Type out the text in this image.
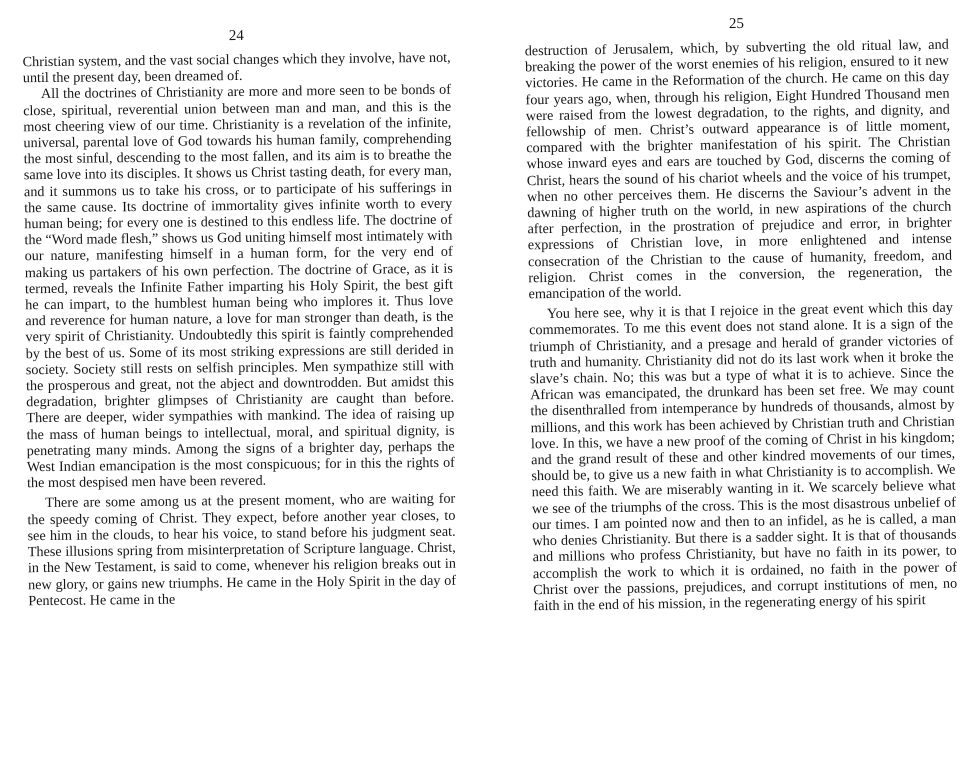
24

Christian system, and the vast social changes which they involve, have not, until the present day, been dreamed of.

All the doctrines of Christianity are more and more seen to be bonds of close, spiritual, reverential union between man and man, and this is the most cheering view of our time. Christianity is a revelation of the infinite, universal, parental love of God towards his human family, comprehending the most sinful, descending to the most fallen, and its aim is to breathe the same love into its disciples. It shows us Christ tasting death, for every man, and it summons us to take his cross, or to participate of his sufferings in the same cause. Its doctrine of immortality gives infinite worth to every human being; for every one is destined to this endless life. The doctrine of the “Word made flesh,” shows us God uniting himself most intimately with our nature, manifesting himself in a human form, for the very end of making us partakers of his own perfection. The doctrine of Grace, as it is termed, reveals the Infinite Father imparting his Holy Spirit, the best gift he can impart, to the humblest human being who implores it. Thus love and reverence for human nature, a love for man stronger than death, is the very spirit of Christianity. Undoubtedly this spirit is faintly comprehended by the best of us. Some of its most striking expressions are still derided in society. Society still rests on selfish principles. Men sympathize still with the prosperous and great, not the abject and downtrodden. But amidst this degradation, brighter glimpses of Christianity are caught than before. There are deeper, wider sympathies with mankind. The idea of raising up the mass of human beings to intellectual, moral, and spiritual dignity, is penetrating many minds. Among the signs of a brighter day, perhaps the West Indian emancipation is the most conspicuous; for in this the rights of the most despised men have been revered.

There are some among us at the present moment, who are waiting for the speedy coming of Christ. They expect, before another year closes, to see him in the clouds, to hear his voice, to stand before his judgment seat. These illusions spring from misinterpretation of Scripture language. Christ, in the New Testament, is said to come, whenever his religion breaks out in new glory, or gains new triumphs. He came in the Holy Spirit in the day of Pentecost. He came in the

25

destruction of Jerusalem, which, by subverting the old ritual law, and breaking the power of the worst enemies of his religion, ensured to it new victories. He came in the Reformation of the church. He came on this day four years ago, when, through his religion, Eight Hundred Thousand men were raised from the lowest degradation, to the rights, and dignity, and fellowship of men. Christ’s outward appearance is of little moment, compared with the brighter manifestation of his spirit. The Christian whose inward eyes and ears are touched by God, discerns the coming of Christ, hears the sound of his chariot wheels and the voice of his trumpet, when no other perceives them. He discerns the Saviour’s advent in the dawning of higher truth on the world, in new aspirations of the church after perfection, in the prostration of prejudice and error, in brighter expressions of Christian love, in more enlightened and intense consecration of the Christian to the cause of humanity, freedom, and religion. Christ comes in the conversion, the regeneration, the emancipation of the world.

You here see, why it is that I rejoice in the great event which this day commemorates. To me this event does not stand alone. It is a sign of the triumph of Christianity, and a presage and herald of grander victories of truth and humanity. Christianity did not do its last work when it broke the slave’s chain. No; this was but a type of what it is to achieve. Since the African was emancipated, the drunkard has been set free. We may count the disenthralled from intemperance by hundreds of thousands, almost by millions, and this work has been achieved by Christian truth and Christian love. In this, we have a new proof of the coming of Christ in his kingdom; and the grand result of these and other kindred movements of our times, should be, to give us a new faith in what Christianity is to accomplish. We need this faith. We are miserably wanting in it. We scarcely believe what we see of the triumphs of the cross. This is the most disastrous unbelief of our times. I am pointed now and then to an infidel, as he is called, a man who denies Christianity. But there is a sadder sight. It is that of thousands and millions who profess Christianity, but have no faith in its power, to accomplish the work to which it is ordained, no faith in the power of Christ over the passions, prejudices, and corrupt institutions of men, no faith in the end of his mission, in the regenerating energy of his spirit
